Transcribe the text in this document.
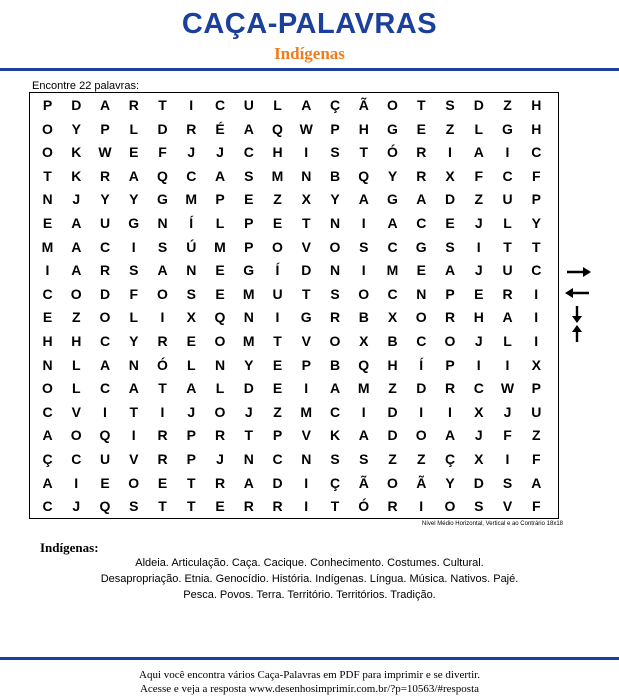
CAÇA-PALAVRAS
Indígenas
Encontre 22 palavras:
P	D	A	R	T	I	C	U	L	A	Ç	Ã	O	T	S	D	Z	H
O	Y	P	L	D	R	É	A	Q	W	P	H	G	E	Z	L	G	H
O	K	W	E	F	J	J	C	H	I	S	T	Ó	R	I	A	I	C
T	K	R	A	Q	C	A	S	M	N	B	Q	Y	R	X	F	C	F
N	J	Y	Y	G	M	P	E	Z	X	Y	A	G	A	D	Z	U	P
E	A	U	G	N	Í	L	P	E	T	N	I	A	C	E	J	L	Y
M	A	C	I	S	Ú	M	P	O	V	O	S	C	G	S	I	T	T
I	A	R	S	A	N	E	G	Í	D	N	I	M	E	A	J	U	C
C	O	D	F	O	S	E	M	U	T	S	O	C	N	P	E	R	I
E	Z	O	L	I	X	Q	N	I	G	R	B	X	O	R	H	A	I
H	H	C	Y	R	E	O	M	T	V	O	X	B	C	O	J	L	I
N	L	A	N	Ó	L	N	Y	E	P	B	Q	H	Í	P	I	I	X
O	L	C	A	T	A	L	D	E	I	A	M	Z	D	R	C	W	P
C	V	I	T	I	J	O	J	Z	M	C	I	D	I	I	X	J	U
A	O	Q	I	R	P	R	T	P	V	K	A	D	O	A	J	F	Z
Ç	C	U	V	R	P	J	N	C	N	S	S	Z	Z	Ç	X	I	F
A	I	E	O	E	T	R	A	D	I	Ç	Ã	O	Ã	Y	D	S	A
C	J	Q	S	T	T	E	R	R	I	T	Ó	R	I	O	S	V	F
Nível Médio Horizontal, Vertical e ao Contrário 18x18
Indígenas:
Aldeia. Articulação. Caça. Cacique. Conhecimento. Costumes. Cultural.
Desapropriação. Etnia. Genocídio. História. Indígenas. Língua. Música. Nativos. Pajé.
Pesca. Povos. Terra. Território. Territórios. Tradição.
Aqui você encontra vários Caça-Palavras em PDF para imprimir e se divertir.
Acesse e veja a resposta www.desenhosimprimir.com.br/?p=10563/#resposta
